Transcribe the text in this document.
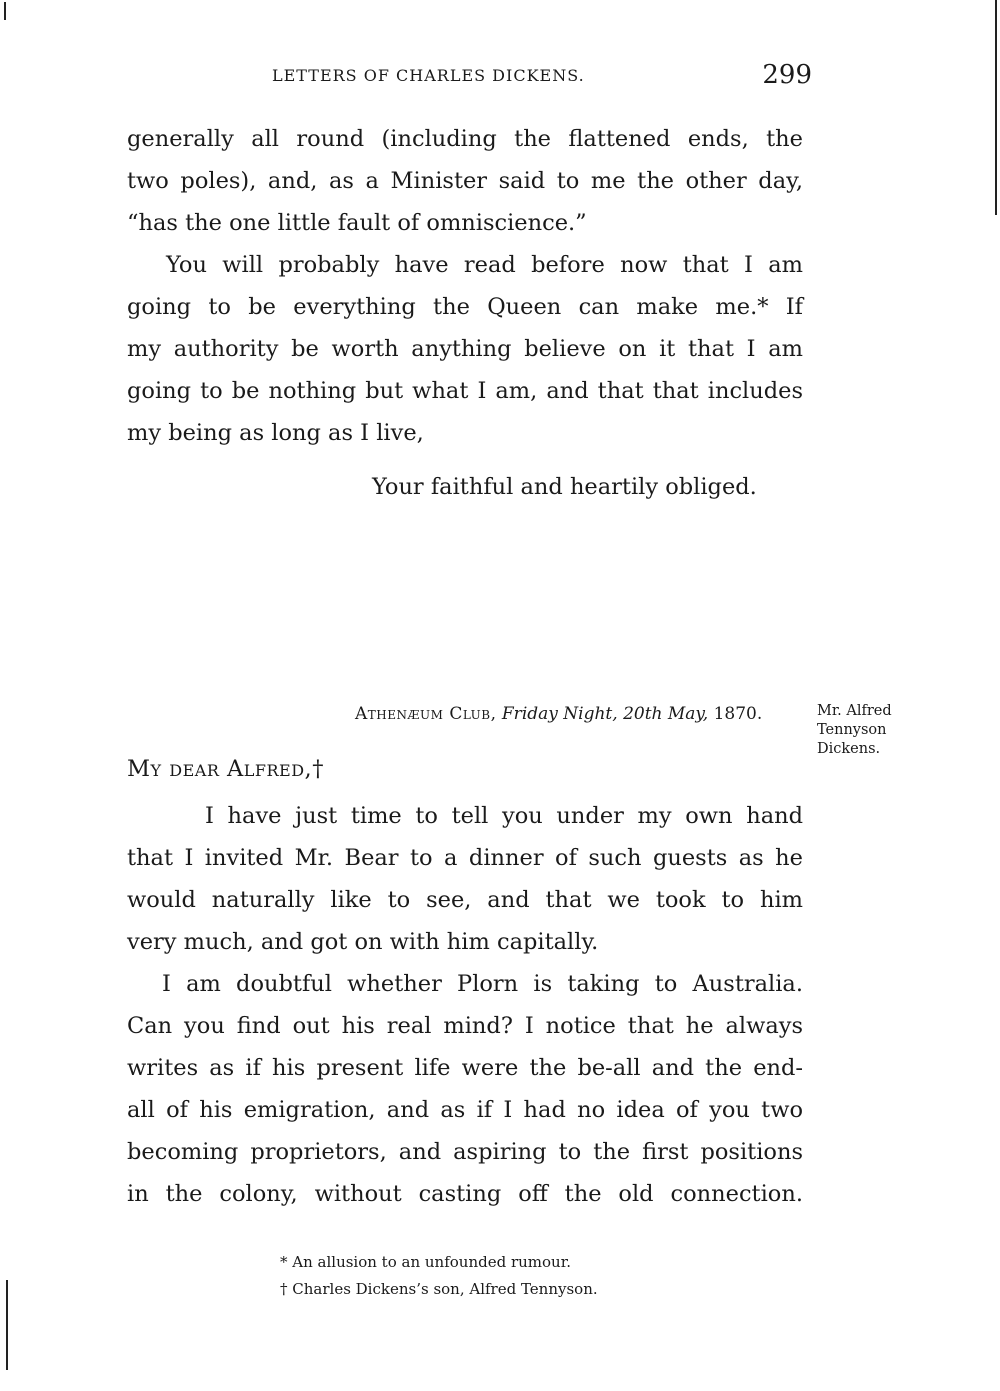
LETTERS OF CHARLES DICKENS.	299
generally all round (including the flattened ends, the
two poles), and, as a Minister said to me the other day,
“has the one little fault of omniscience.”
You will probably have read before now that I am
going to be everything the Queen can make me.* If
my authority be worth anything believe on it that I am
going to be nothing but what I am, and that that includes
my being as long as I live,
Your faithful and heartily obliged.
Athenæum Club, Friday Night, 20th May, 1870.	Mr. Alfred Tennyson Dickens.
My dear Alfred,†
I have just time to tell you under my own hand
that I invited Mr. Bear to a dinner of such guests as he
would naturally like to see, and that we took to him
very much, and got on with him capitally.
I am doubtful whether Plorn is taking to Australia.
Can you find out his real mind? I notice that he always
writes as if his present life were the be-all and the end-
all of his emigration, and as if I had no idea of you two
becoming proprietors, and aspiring to the first positions
in the colony, without casting off the old connection.
* An allusion to an unfounded rumour.
† Charles Dickens’s son, Alfred Tennyson.
